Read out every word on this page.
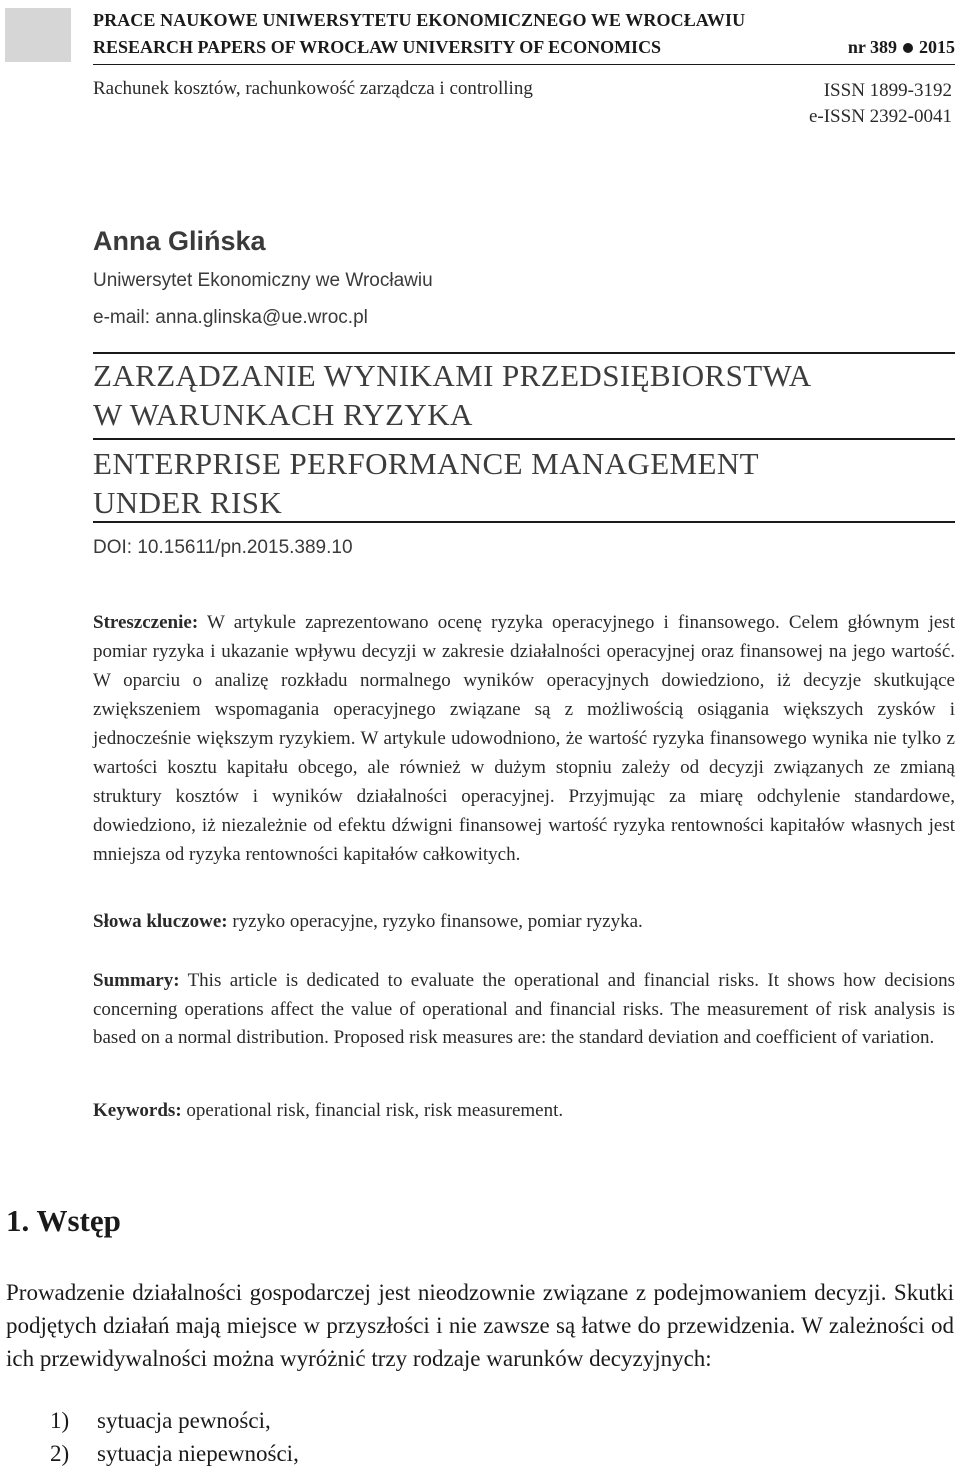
PRACE NAUKOWE UNIWERSYTETU EKONOMICZNEGO WE WROCŁAWIU
RESEARCH PAPERS OF WROCŁAW UNIVERSITY OF ECONOMICS	nr 389 2015
Rachunek kosztów, rachunkowość zarządcza i controlling	ISSN 1899-3192
e-ISSN 2392-0041
Anna Glińska
Uniwersytet Ekonomiczny we Wrocławiu
e-mail: anna.glinska@ue.wroc.pl
ZARZĄDZANIE WYNIKAMI PRZEDSIĘBIORSTWA
W WARUNKACH RYZYKA
ENTERPRISE PERFORMANCE MANAGEMENT
UNDER RISK
DOI: 10.15611/pn.2015.389.10
Streszczenie: W artykule zaprezentowano ocenę ryzyka operacyjnego i finansowego. Celem głównym jest pomiar ryzyka i ukazanie wpływu decyzji w zakresie działalności operacyjnej oraz finansowej na jego wartość. W oparciu o analizę rozkładu normalnego wyników operacyjnych dowiedziono, iż decyzje skutkujące zwiększeniem wspomagania operacyjnego związane są z możliwością osiągania większych zysków i jednocześnie większym ryzykiem. W artykule udowodniono, że wartość ryzyka finansowego wynika nie tylko z wartości kosztu kapitału obcego, ale również w dużym stopniu zależy od decyzji związanych ze zmianą struktury kosztów i wyników działalności operacyjnej. Przyjmując za miarę odchylenie standardowe, dowiedziono, iż niezależnie od efektu dźwigni finansowej wartość ryzyka rentowności kapitałów własnych jest mniejsza od ryzyka rentowności kapitałów całkowitych.
Słowa kluczowe: ryzyko operacyjne, ryzyko finansowe, pomiar ryzyka.
Summary: This article is dedicated to evaluate the operational and financial risks. It shows how decisions concerning operations affect the value of operational and financial risks. The measurement of risk analysis is based on a normal distribution. Proposed risk measures are: the standard deviation and coefficient of variation.
Keywords: operational risk, financial risk, risk measurement.
1. Wstęp
Prowadzenie działalności gospodarczej jest nieodzownie związane z podejmowaniem decyzji. Skutki podjętych działań mają miejsce w przyszłości i nie zawsze są łatwe do przewidzenia. W zależności od ich przewidywalności można wyróżnić trzy rodzaje warunków decyzyjnych:
1) sytuacja pewności,
2) sytuacja niepewności,
